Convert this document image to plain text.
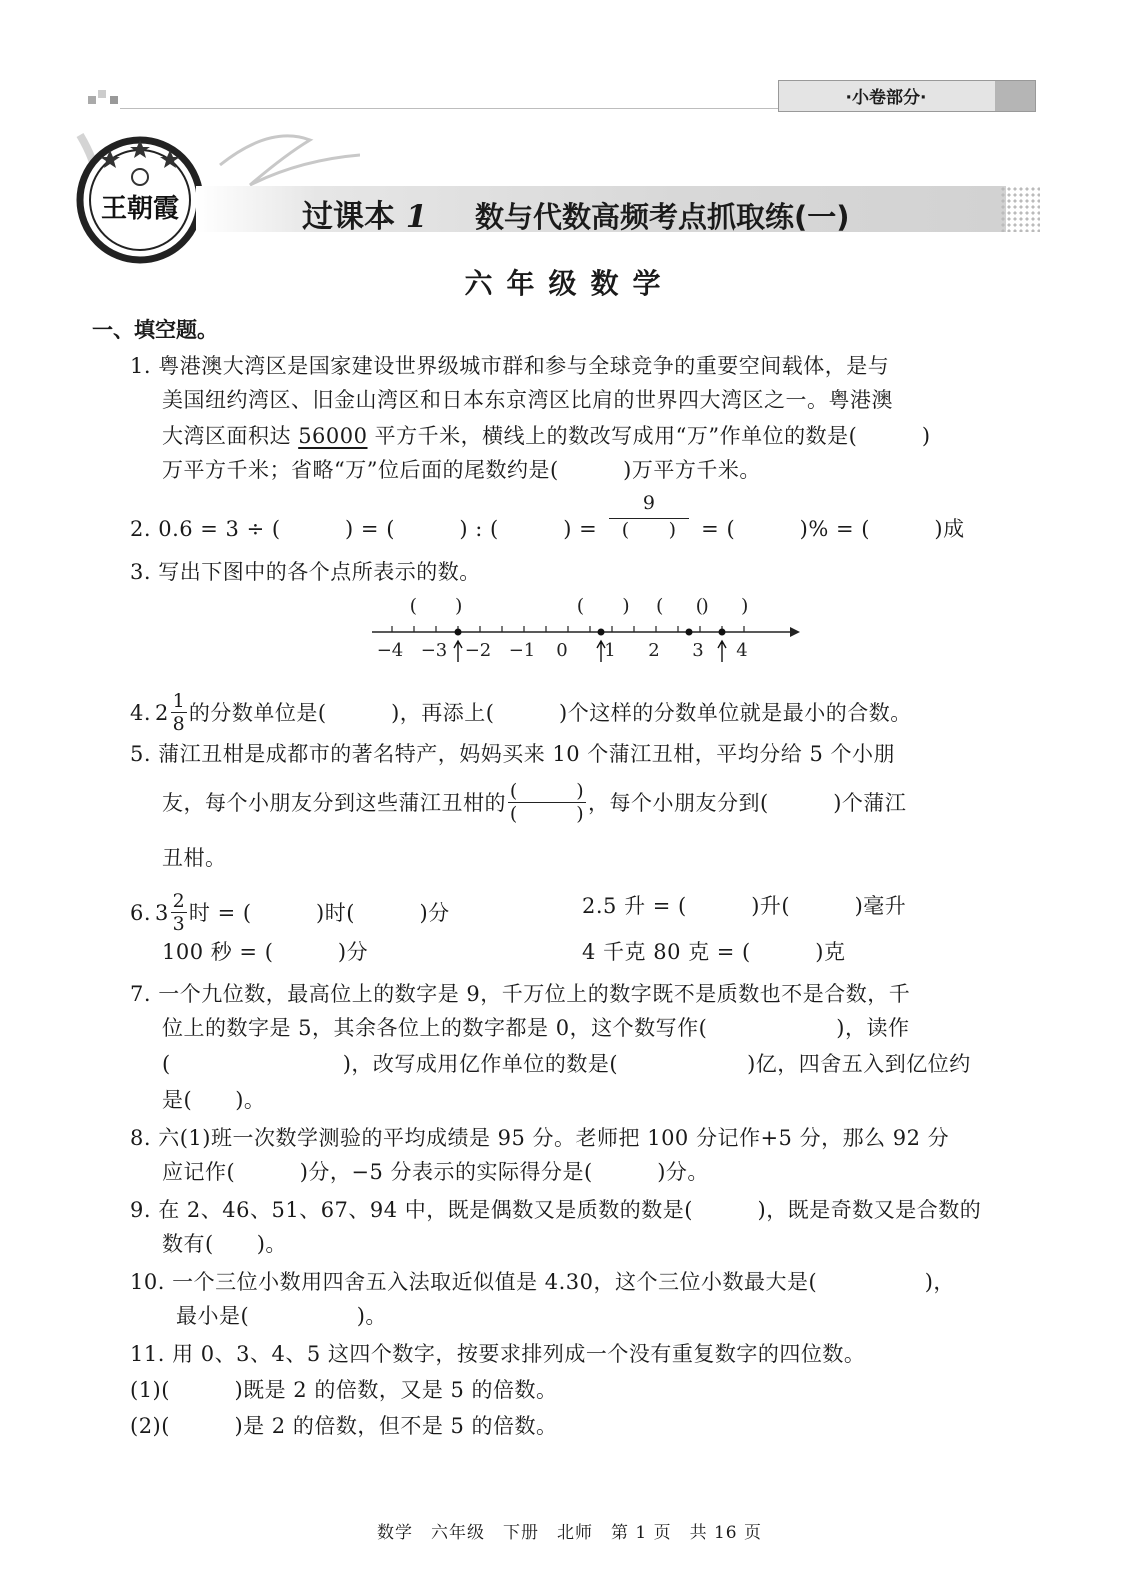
·小卷部分·
王朝霞	过课本 1 数与代数高频考点抓取练(一)
六年级数学
一、填空题。
1. 粤港澳大湾区是国家建设世界级城市群和参与全球竞争的重要空间载体，是与
美国纽约湾区、旧金山湾区和日本东京湾区比肩的世界四大湾区之一。粤港澳
大湾区面积达 56000 平方千米，横线上的数改写成用“万”作单位的数是(　　　)
万平方千米；省略“万”位后面的尾数约是(　　　)万平方千米。
2. 0.6 = 3 ÷ (　　　) = (　　　) : (　　　) = $\frac{9}{( )}$ = (　　　)% = (　　　)成
3. 写出下图中的各个点所表示的数。
(　　)	(　　) (　　)
(　　)
−4 −3 −2 −1 0 1 2 3 4
4. $2 \frac{1}{8}$ 的分数单位是(　　　)，再添上(　　　)个这样的分数单位就是最小的合数。
5. 蒲江丑柑是成都市的著名特产，妈妈买来 10 个蒲江丑柑，平均分给 5 个小朋
友，每个小朋友分到这些蒲江丑柑的 $\frac{( )}{( )}$ ，每个小朋友分到(　　　)个蒲江
丑柑。
6. $3 \frac{2}{3}$ 时 = (　　　)时(　　　)分	2.5 升 = (　　　)升(　　　)毫升
100 秒 = (　　　)分	4 千克 80 克 = (　　　)克
7. 一个九位数，最高位上的数字是 9，千万位上的数字既不是质数也不是合数，千
位上的数字是 5，其余各位上的数字都是 0，这个数写作(　　　　　　)，读作
(　　　　　　　　)，改写成用亿作单位的数是(　　　　　　)亿，四舍五入到亿位约
是(　　)。
8. 六(1)班一次数学测验的平均成绩是 95 分。老师把 100 分记作+5 分，那么 92 分
应记作(　　　)分，−5 分表示的实际得分是(　　　)分。
9. 在 2、46、51、67、94 中，既是偶数又是质数的数是(　　　)，既是奇数又是合数的
数有(　　)。
10. 一个三位小数用四舍五入法取近似值是 4.30，这个三位小数最大是(　　　　　)，
最小是(　　　　　)。
11. 用 0、3、4、5 这四个数字，按要求排列成一个没有重复数字的四位数。
(1)(　　　)既是 2 的倍数，又是 5 的倍数。
(2)(　　　)是 2 的倍数，但不是 5 的倍数。
数学　六年级　下册　北师　第 1 页　共 16 页
